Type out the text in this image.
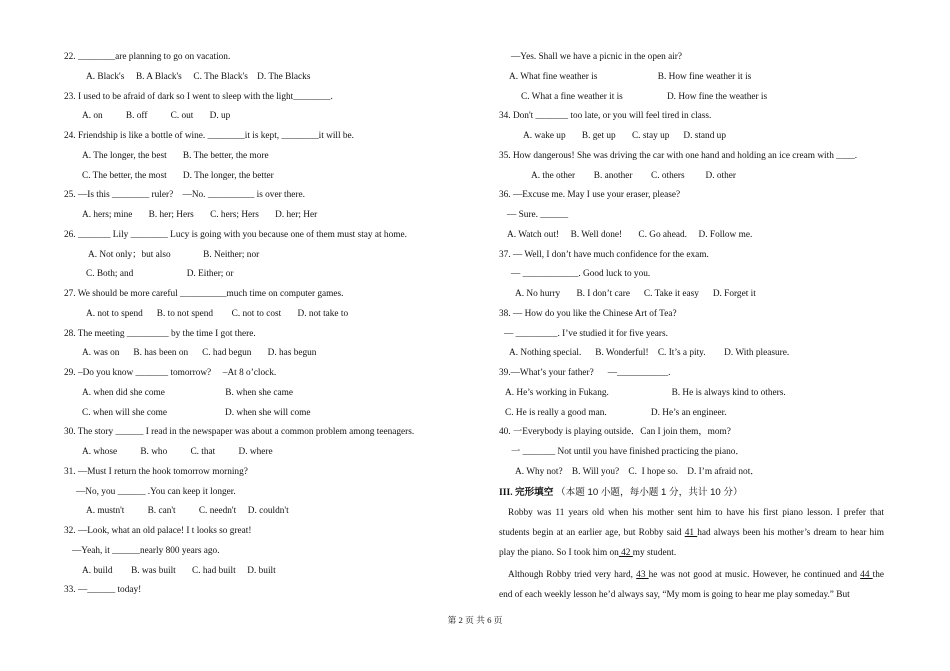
22. ________are planning to go on vacation.
A. Black's     B. A Black's     C. The Black's    D. The Blacks
23. I used to be afraid of dark so I went to sleep with the light________.
A. on          B. off          C. out       D. up
24. Friendship is like a bottle of wine. ________it is kept, ________it will be.
A. The longer, the best       B. The better, the more
C. The better, the most       D. The longer, the better
25. —Is this ________ ruler?    —No. __________ is over there.
A. hers; mine       B. her; Hers       C. hers; Hers       D. her; Her
26. _______ Lily ________ Lucy is going with you because one of them must stay at home.
A. Not only；but also              B. Neither; nor
C. Both; and                       D. Either; or
27. We should be more careful __________much time on computer games.
A. not to spend      B. to not spend        C. not to cost       D. not take to
28. The meeting _________ by the time I got there.
A. was on      B. has been on      C. had begun       D. has begun
29. –Do you know _______ tomorrow?     –At 8 o’clock.
A. when did she come                          B. when she came
C. when will she come                         D. when she will come
30. The story ______ I read in the newspaper was about a common problem among teenagers.
A. whose          B. who          C. that          D. where
31. —Must I return the hook tomorrow morning?
—No, you ______ .You can keep it longer.
A. mustn't          B. can't          C. needn't     D. couldn't
32. —Look, what an old palace! I t looks so great!
—Yeah, it ______nearly 800 years ago.
A. build        B. was built       C. had built     D. built
33. —______ today!
—Yes. Shall we have a picnic in the open air?
A. What fine weather is                          B. How fine weather it is
C. What a fine weather it is                   D. How fine the weather is
34. Don't _______ too late, or you will feel tired in class.
A. wake up       B. get up       C. stay up      D. stand up
35. How dangerous! She was driving the car with one hand and holding an ice cream with ____.
A. the other        B. another        C. others         D. other
36. —Excuse me. May I use your eraser, please?
— Sure. ______
A. Watch out!     B. Well done!       C. Go ahead.     D. Follow me.
37. — Well, I don’t have much confidence for the exam.
— ____________. Good luck to you.
A. No hurry       B. I don’t care      C. Take it easy      D. Forget it
38. — How do you like the Chinese Art of Tea?
— _________. I’ve studied it for five years.
A. Nothing special.      B. Wonderful!    C. It’s a pity.        D. With pleasure.
39.—What’s your father?      —___________.
A. He’s working in Fukang.                           B. He is always kind to others.
C. He is really a good man.                   D. He’s an engineer.
40. 一Everybody is playing outside．Can I join them，mom?
一 _______ Not until you have finished practicing the piano．
A. Why not?    B. Will you?    C.  I hope so.    D. I’m afraid not．
III. 完形填空 （本题 10 小题，每小题 1 分，共计 10 分）
Robby was 11 years old when his mother sent him to have his first piano lesson. I prefer that students begin at an earlier age, but Robby said 41 had always been his mother’s dream to hear him play the piano. So I took him on 42 my student.
Although Robby tried very hard, 43 he was not good at music. However, he continued and 44 the end of each weekly lesson he’d always say, “My mom is going to hear me play someday.” But
第 2 页 共 6 页
